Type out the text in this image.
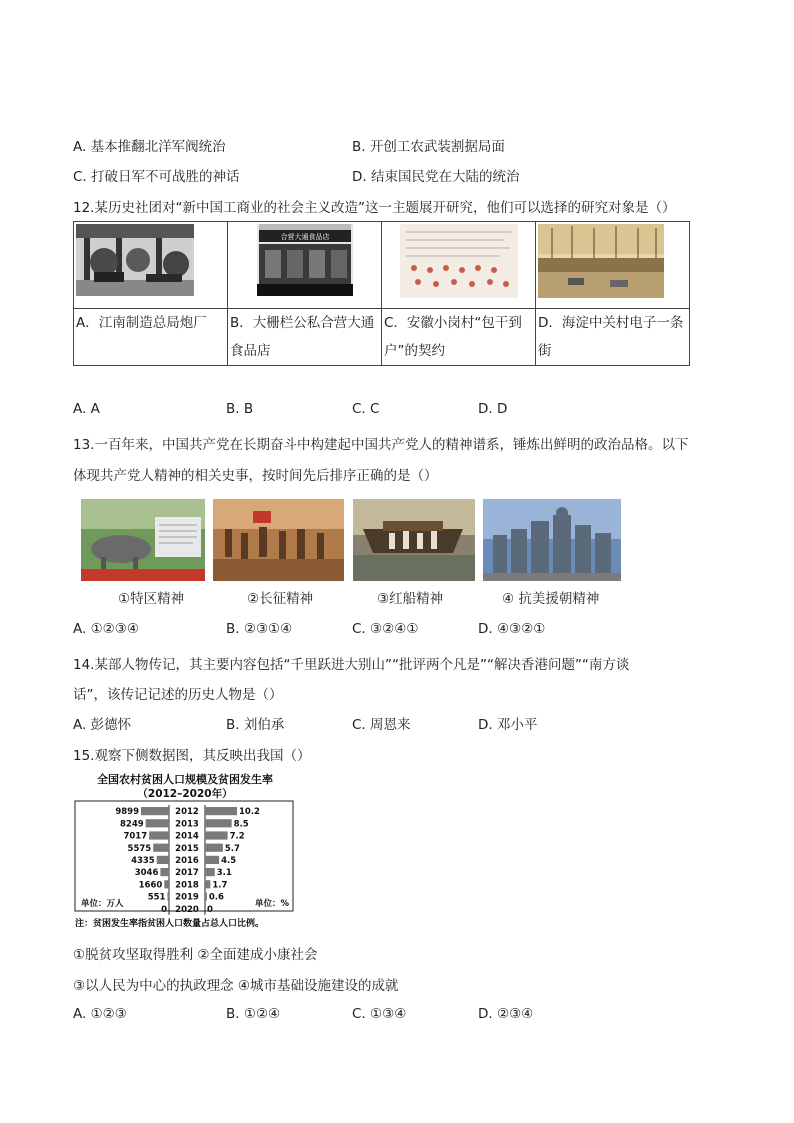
A. 基本推翻北洋军阀统治	B. 开创工农武装割据局面
C. 打破日军不可战胜的神话	D. 结束国民党在大陆的统治
12.某历史社团对“新中国工商业的社会主义改造”这一主题展开研究，他们可以选择的研究对象是（）

合营大通食品店

A．江南制造总局炮厂	B．大栅栏公私合营大通食品店	C．安徽小岗村“包干到户”的契约	D．海淀中关村电子一条街
A. A	B. B	C. C	D. D
13.一百年来，中国共产党在长期奋斗中构建起中国共产党人的精神谱系，锤炼出鲜明的政治品格。以下
体现共产党人精神的相关史事，按时间先后排序正确的是（）
①特区精神	②长征精神	③红船精神	④ 抗美援朝精神
A. ①②③④	B. ②③①④	C. ③②④①	D. ④③②①
14.某部人物传记，其主要内容包括“千里跃进大别山”“批评两个凡是”“解决香港问题”“南方谈
话”，该传记记述的历史人物是（）
A. 彭德怀	B. 刘伯承	C. 周恩来	D. 邓小平
15.观察下侧数据图，其反映出我国（）
全国农村贫困人口规模及贫困发生率
（2012–2020年）
9899	2012	10.2
8249	2013	8.5
7017	2014	7.2
5575	2015	5.7
4335 2016	4.5
3046 2017 3.1
1660 2018 1.7
551 2019 0.6
0 2020 0
单位：万人	单位：%
注：贫困发生率指贫困人口数量占总人口比例。
①脱贫攻坚取得胜利 ②全面建成小康社会
③以人民为中心的执政理念 ④城市基础设施建设的成就
A. ①②③	B. ①②④	C. ①③④	D. ②③④
